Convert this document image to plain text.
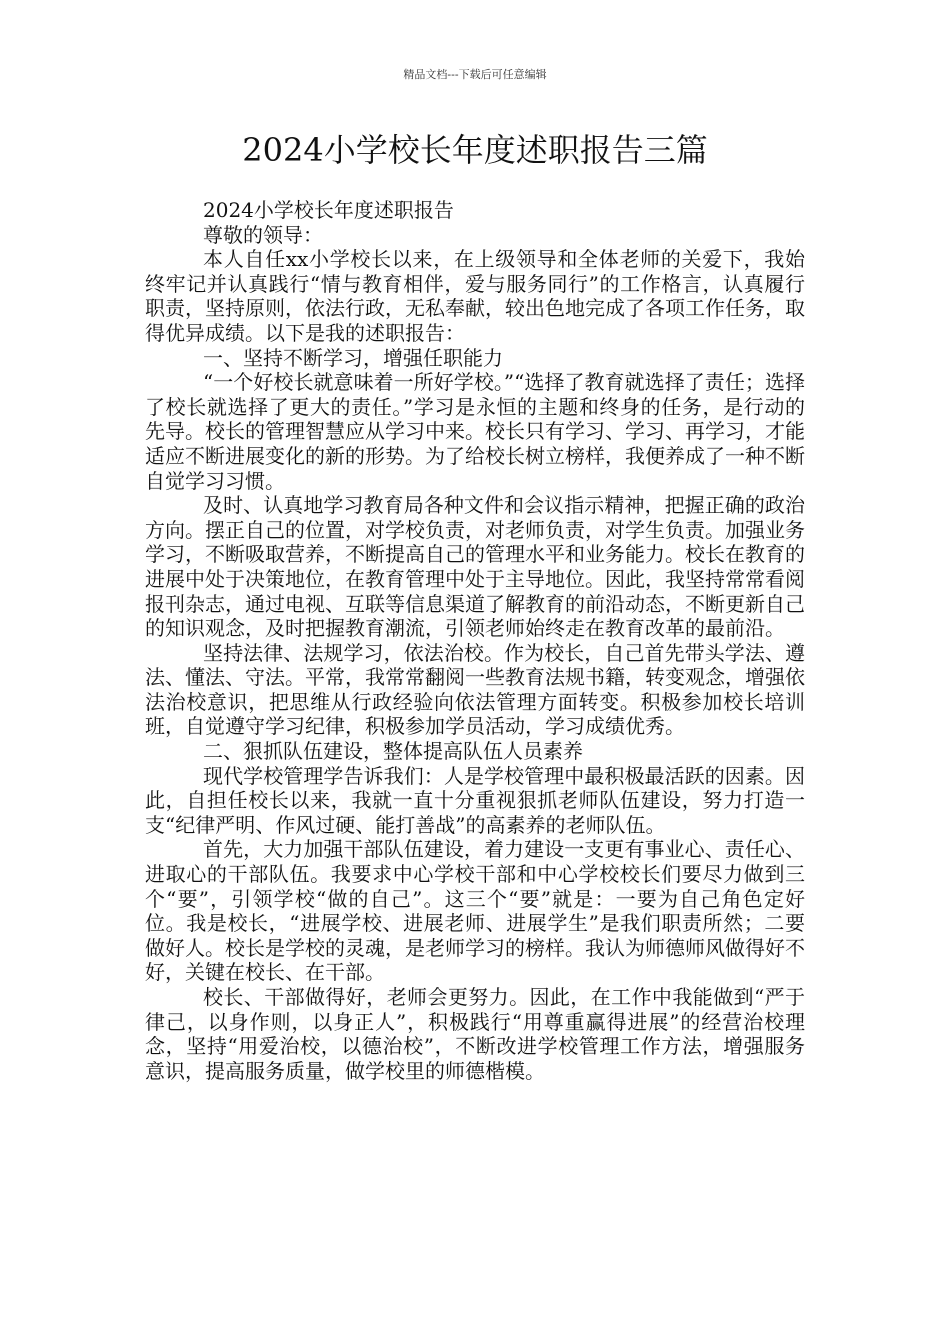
精品文档---下载后可任意编辑
2024小学校长年度述职报告三篇

2024小学校长年度述职报告

尊敬的领导：

本人自任xx小学校长以来，在上级领导和全体老师的关爱下，我始终牢记并认真践行“情与教育相伴，爱与服务同行”的工作格言，认真履行职责，坚持原则，依法行政，无私奉献，较出色地完成了各项工作任务，取得优异成绩。以下是我的述职报告：

一、坚持不断学习，增强任职能力

“一个好校长就意味着一所好学校。”“选择了教育就选择了责任；选择了校长就选择了更大的责任。”学习是永恒的主题和终身的任务，是行动的先导。校长的管理智慧应从学习中来。校长只有学习、学习、再学习，才能适应不断进展变化的新的形势。为了给校长树立榜样，我便养成了一种不断自觉学习习惯。

及时、认真地学习教育局各种文件和会议指示精神，把握正确的政治方向。摆正自己的位置，对学校负责，对老师负责，对学生负责。加强业务学习，不断吸取营养，不断提高自己的管理水平和业务能力。校长在教育的进展中处于决策地位，在教育管理中处于主导地位。因此，我坚持常常看阅报刊杂志，通过电视、互联等信息渠道了解教育的前沿动态，不断更新自己的知识观念，及时把握教育潮流，引领老师始终走在教育改革的最前沿。

坚持法律、法规学习，依法治校。作为校长，自己首先带头学法、遵法、懂法、守法。平常，我常常翻阅一些教育法规书籍，转变观念，增强依法治校意识，把思维从行政经验向依法管理方面转变。积极参加校长培训班，自觉遵守学习纪律，积极参加学员活动，学习成绩优秀。

二、狠抓队伍建设，整体提高队伍人员素养

现代学校管理学告诉我们：人是学校管理中最积极最活跃的因素。因此，自担任校长以来，我就一直十分重视狠抓老师队伍建设，努力打造一支“纪律严明、作风过硬、能打善战”的高素养的老师队伍。

首先，大力加强干部队伍建设，着力建设一支更有事业心、责任心、进取心的干部队伍。我要求中心学校干部和中心学校校长们要尽力做到三个“要”，引领学校“做的自己”。这三个“要”就是：一要为自己角色定好位。我是校长，“进展学校、进展老师、进展学生”是我们职责所然；二要做好人。校长是学校的灵魂，是老师学习的榜样。我认为师德师风做得好不好，关键在校长、在干部。

校长、干部做得好，老师会更努力。因此，在工作中我能做到“严于律己，以身作则，以身正人”，积极践行“用尊重赢得进展”的经营治校理念，坚持“用爱治校，以德治校”，不断改进学校管理工作方法，增强服务意识，提高服务质量，做学校里的师德楷模。
